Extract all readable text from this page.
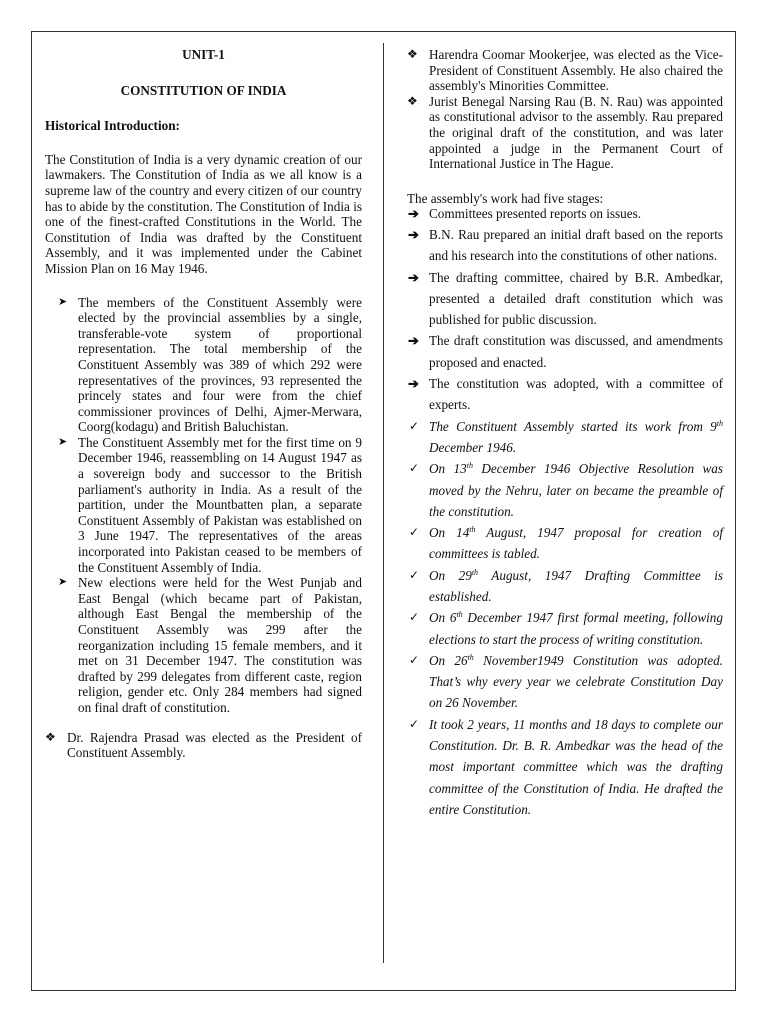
UNIT-1

CONSTITUTION OF INDIA

Historical Introduction:

The Constitution of India is a very dynamic creation of our lawmakers. The Constitution of India as we all know is a supreme law of the country and every citizen of our country has to abide by the constitution. The Constitution of India is one of the finest-crafted Constitutions in the World. The Constitution of India was drafted by the Constituent Assembly, and it was implemented under the Cabinet Mission Plan on 16 May 1946.

➤ The members of the Constituent Assembly were elected by the provincial assemblies by a single, transferable-vote system of proportional representation. The total membership of the Constituent Assembly was 389 of which 292 were representatives of the provinces, 93 represented the princely states and four were from the chief commissioner provinces of Delhi, Ajmer-Merwara, Coorg(kodagu) and British Baluchistan.
➤ The Constituent Assembly met for the first time on 9 December 1946, reassembling on 14 August 1947 as a sovereign body and successor to the British parliament's authority in India. As a result of the partition, under the Mountbatten plan, a separate Constituent Assembly of Pakistan was established on 3 June 1947. The representatives of the areas incorporated into Pakistan ceased to be members of the Constituent Assembly of India.
➤ New elections were held for the West Punjab and East Bengal (which became part of Pakistan, although East Bengal the membership of the Constituent Assembly was 299 after the reorganization including 15 female members, and it met on 31 December 1947. The constitution was drafted by 299 delegates from different caste, region religion, gender etc. Only 284 members had signed on final draft of constitution.
❖ Dr. Rajendra Prasad was elected as the President of Constituent Assembly.
❖ Harendra Coomar Mookerjee, was elected as the Vice-President of Constituent Assembly. He also chaired the assembly's Minorities Committee.
❖ Jurist Benegal Narsing Rau (B. N. Rau) was appointed as constitutional advisor to the assembly. Rau prepared the original draft of the constitution, and was later appointed a judge in the Permanent Court of International Justice in The Hague.

The assembly's work had five stages:

➔ Committees presented reports on issues.
➔ B.N. Rau prepared an initial draft based on the reports and his research into the constitutions of other nations.
➔ The drafting committee, chaired by B.R. Ambedkar, presented a detailed draft constitution which was published for public discussion.
➔ The draft constitution was discussed, and amendments proposed and enacted.
➔ The constitution was adopted, with a committee of experts.
✓ The Constituent Assembly started its work from 9th December 1946.
✓ On 13th December 1946 Objective Resolution was moved by the Nehru, later on became the preamble of the constitution.
✓ On 14th August, 1947 proposal for creation of committees is tabled.
✓ On 29th August, 1947 Drafting Committee is established.
✓ On 6th December 1947 first formal meeting, following elections to start the process of writing constitution.
✓ On 26th November1949 Constitution was adopted. That’s why every year we celebrate Constitution Day on 26 November.
✓ It took 2 years, 11 months and 18 days to complete our Constitution. Dr. B. R. Ambedkar was the head of the most important committee which was the drafting committee of the Constitution of India. He drafted the entire Constitution.
